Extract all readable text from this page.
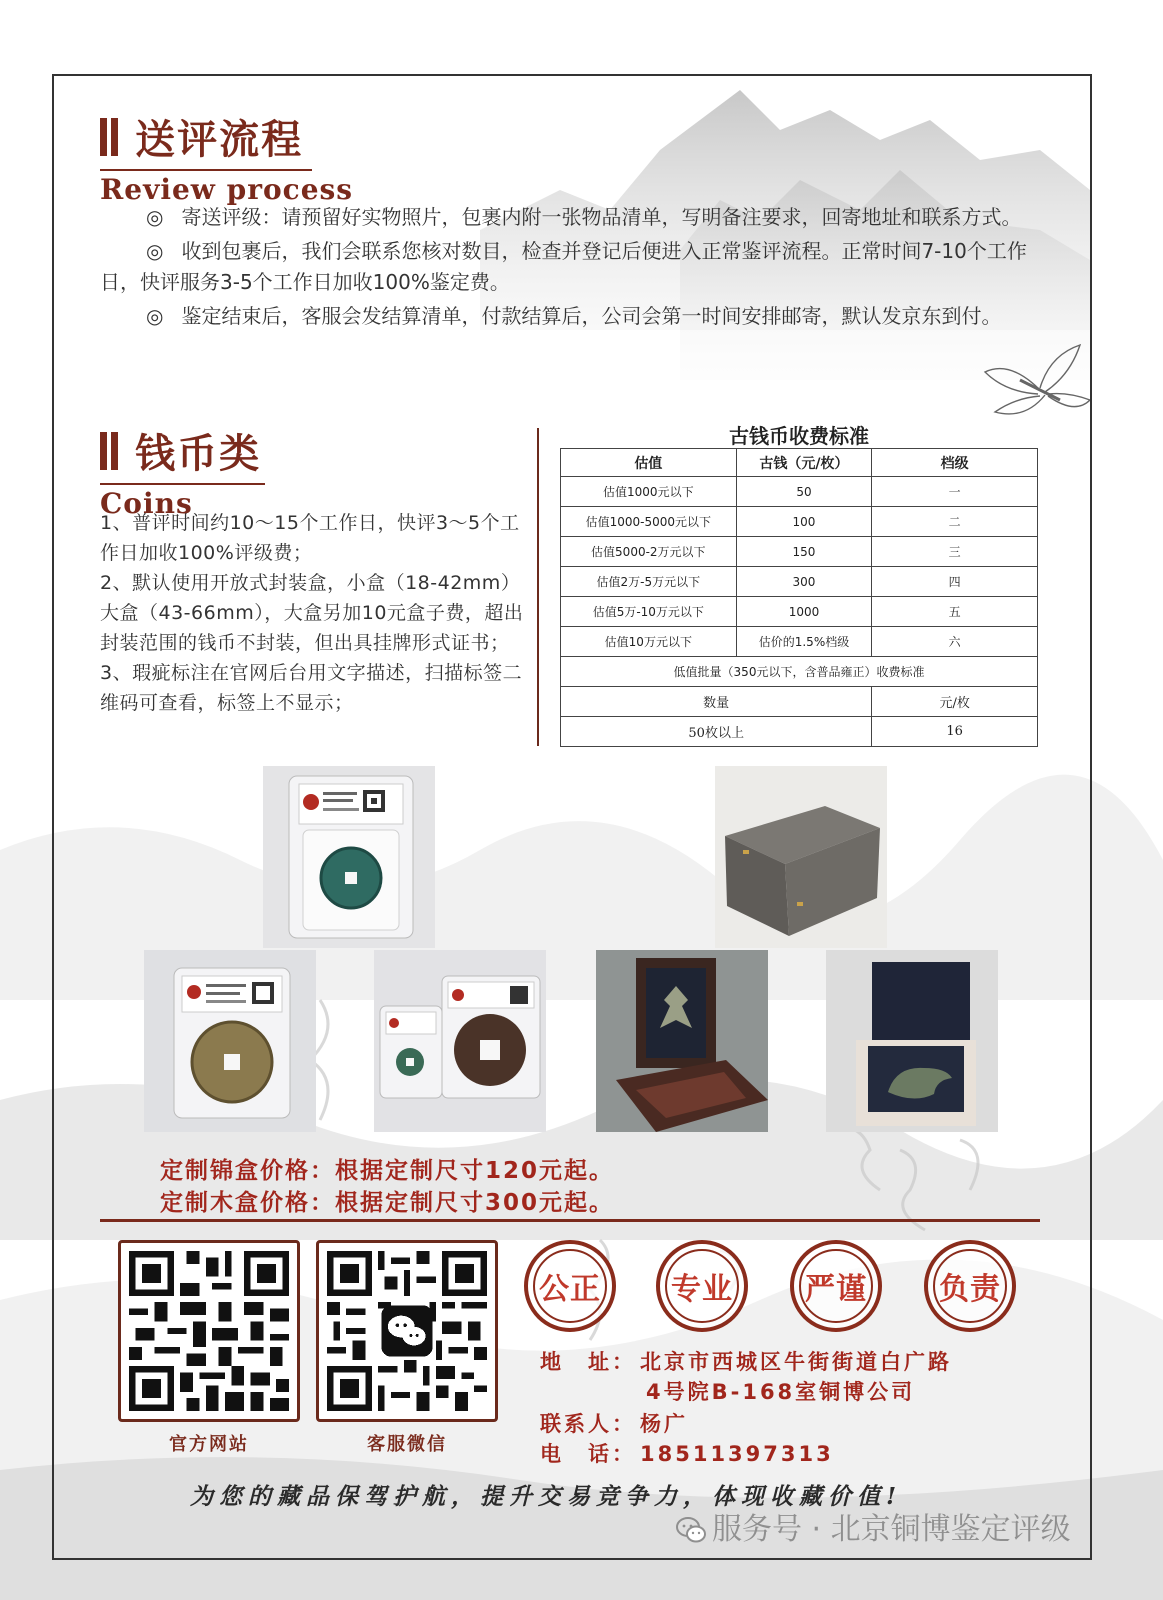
送评流程
Review process

◎ 寄送评级：请预留好实物照片，包裹内附一张物品清单，写明备注要求，回寄地址和联系方式。

◎ 收到包裹后，我们会联系您核对数目，检查并登记后便进入正常鉴评流程。正常时间7-10个工作日，快评服务3-5个工作日加收100%鉴定费。

◎ 鉴定结束后，客服会发结算清单，付款结算后，公司会第一时间安排邮寄，默认发京东到付。

钱币类
Coins

1、普评时间约10～15个工作日，快评3～5个工作日加收100%评级费；

2、默认使用开放式封装盒，小盒（18-42mm）大盒（43-66mm），大盒另加10元盒子费，超出封装范围的钱币不封装，但出具挂牌形式证书；

3、瑕疵标注在官网后台用文字描述，扫描标签二维码可查看，标签上不显示；

古钱币收费标准
估值	古钱（元/枚）	档级
估值1000元以下	50	一
估值1000-5000元以下	100	二
估值5000-2万元以下	150	三
估值2万-5万元以下	300	四
估值5万-10万元以下	1000	五
估值10万元以下	估价的1.5%档级	六
低值批量（350元以下，含普品雍正）收费标准		
数量		元/枚
50枚以上		16
定制锦盒价格：根据定制尺寸120元起。
定制木盒价格：根据定制尺寸300元起。
官方网站	客服微信
公正 专业 严谨 负责
地　址： 北京市西城区牛街街道白广路
4号院B-168室铜博公司
联系人： 杨广
电　话： 18511397313
为您的藏品保驾护航，提升交易竞争力，体现收藏价值!
服务号 · 北京铜博鉴定评级
